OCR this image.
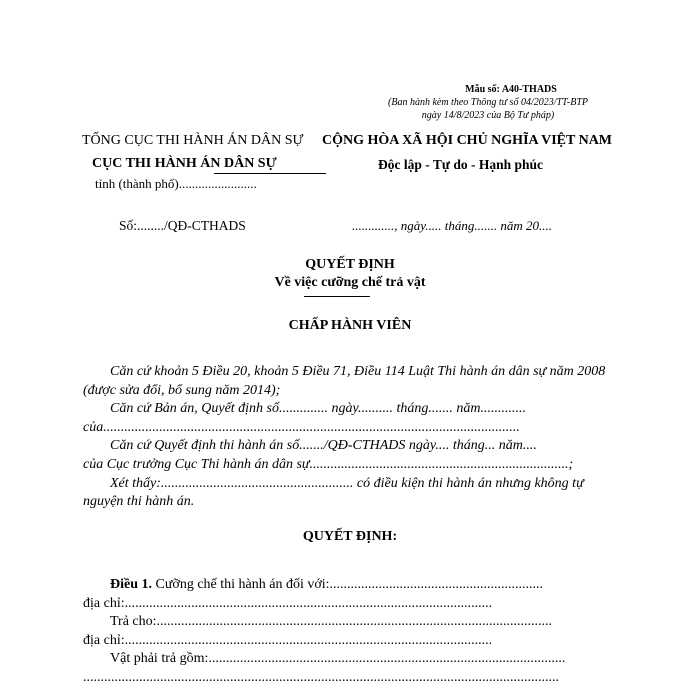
Mẫu số: A40-THADS
(Ban hành kèm theo Thông tư số 04/2023/TT-BTP
ngày 14/8/2023 của Bộ Tư pháp)
TỔNG CỤC THI HÀNH ÁN DÂN SỰ
CỤC THI HÀNH ÁN DÂN SỰ
tỉnh (thành phố)........................
CỘNG HÒA XÃ HỘI CHỦ NGHĨA VIỆT NAM
Độc lập - Tự do - Hạnh phúc
Số:......../QĐ-CTHADS	............., ngày..... tháng....... năm 20....
QUYẾT ĐỊNH
Về việc cưỡng chế trả vật
CHẤP HÀNH VIÊN

Căn cứ khoản 5 Điều 20, khoản 5 Điều 71, Điều 114 Luật Thi hành án dân sự năm 2008 (được sửa đổi, bổ sung năm 2014);

Căn cứ Bản án, Quyết định số.............. ngày.......... tháng....... năm.............

của.......................................................................................................................

Căn cứ Quyết định thi hành án số......./QĐ-CTHADS ngày.... tháng... năm....

của Cục trưởng Cục Thi hành án dân sự..........................................................................;

Xét thấy:....................................................... có điều kiện thi hành án nhưng không tự nguyện thi hành án.

QUYẾT ĐỊNH:

Điều 1. Cưỡng chế thi hành án đối với:.............................................................

địa chỉ:.........................................................................................................

Trả cho:.................................................................................................................

địa chỉ:.........................................................................................................

Vật phải trả gồm:......................................................................................................

........................................................................................................................................
